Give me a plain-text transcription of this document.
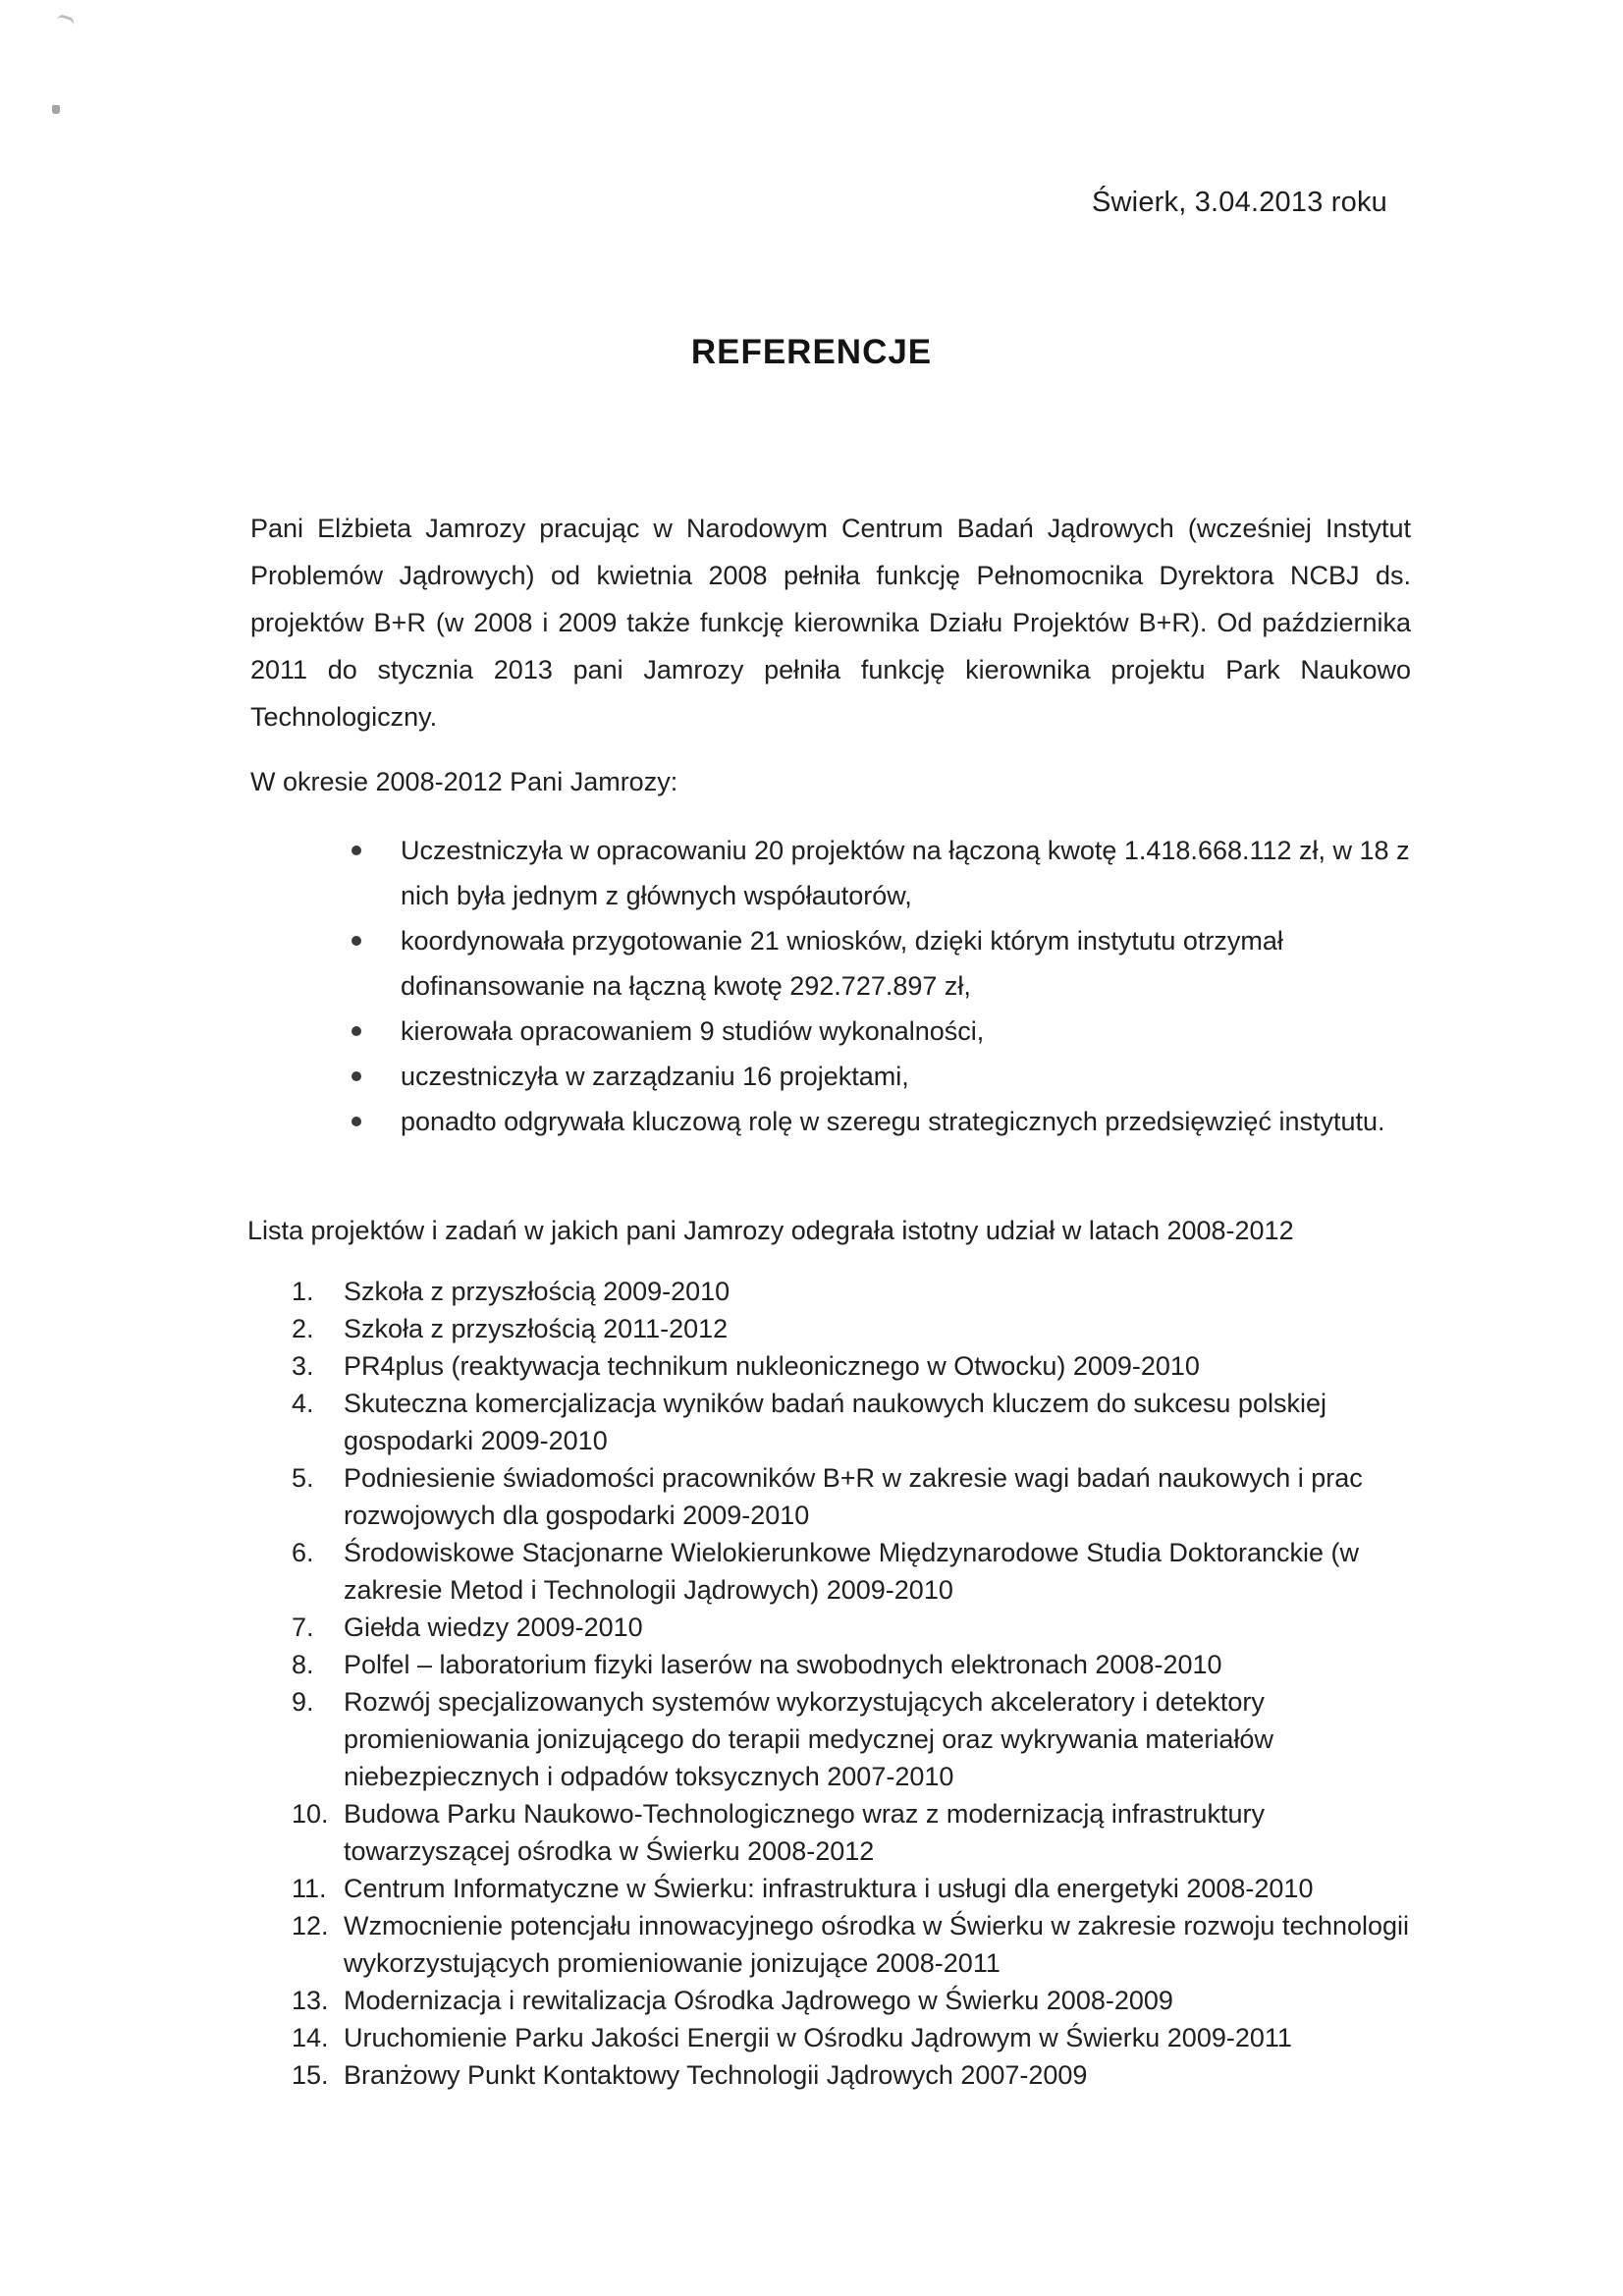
Świerk, 3.04.2013 roku
REFERENCJE
Pani Elżbieta Jamrozy pracując w Narodowym Centrum Badań Jądrowych (wcześniej Instytut Problemów Jądrowych) od kwietnia 2008 pełniła funkcję Pełnomocnika Dyrektora NCBJ ds. projektów B+R (w 2008 i 2009 także funkcję kierownika Działu Projektów B+R). Od października 2011 do stycznia 2013 pani Jamrozy pełniła funkcję kierownika projektu Park Naukowo Technologiczny.
W okresie 2008-2012 Pani Jamrozy:
Uczestniczyła w opracowaniu 20 projektów na łączoną kwotę 1.418.668.112 zł, w 18 z nich była jednym z głównych współautorów,
koordynowała przygotowanie 21 wniosków, dzięki którym instytutu otrzymał dofinansowanie na łączną kwotę 292.727.897 zł,
kierowała opracowaniem 9 studiów wykonalności,
uczestniczyła w zarządzaniu 16 projektami,
ponadto odgrywała kluczową rolę w szeregu strategicznych przedsięwzięć instytutu.
Lista projektów i zadań w jakich pani Jamrozy odegrała istotny udział w latach 2008-2012
1.	Szkoła z przyszłością 2009-2010
2.	Szkoła z przyszłością 2011-2012
3.	PR4plus (reaktywacja technikum nukleonicznego w Otwocku) 2009-2010
4.	Skuteczna komercjalizacja wyników badań naukowych kluczem do sukcesu polskiej gospodarki 2009-2010
5.	Podniesienie świadomości pracowników B+R w zakresie wagi badań naukowych i prac rozwojowych dla gospodarki 2009-2010
6.	Środowiskowe Stacjonarne Wielokierunkowe Międzynarodowe Studia Doktoranckie (w zakresie Metod i Technologii Jądrowych) 2009-2010
7.	Giełda wiedzy 2009-2010
8.	Polfel – laboratorium fizyki laserów na swobodnych elektronach 2008-2010
9.	Rozwój specjalizowanych systemów wykorzystujących akceleratory i detektory promieniowania jonizującego do terapii medycznej oraz wykrywania materiałów niebezpiecznych i odpadów toksycznych 2007-2010
10. Budowa Parku Naukowo-Technologicznego wraz z modernizacją infrastruktury towarzyszącej ośrodka w Świerku 2008-2012
11. Centrum Informatyczne w Świerku: infrastruktura i usługi dla energetyki 2008-2010
12. Wzmocnienie potencjału innowacyjnego ośrodka w Świerku w zakresie rozwoju technologii wykorzystujących promieniowanie jonizujące 2008-2011
13. Modernizacja i rewitalizacja Ośrodka Jądrowego w Świerku 2008-2009
14. Uruchomienie Parku Jakości Energii w Ośrodku Jądrowym w Świerku 2009-2011
15. Branżowy Punkt Kontaktowy Technologii Jądrowych 2007-2009
